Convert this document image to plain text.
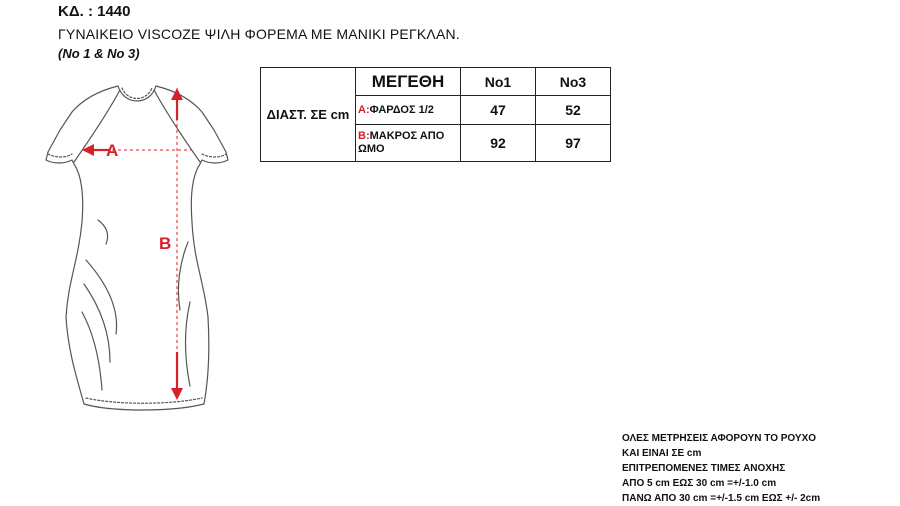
ΚΔ. : 1440
ΓΥΝΑΙΚΕΙΟ VISCOZE ΨΙΛΗ ΦΟΡΕΜΑ ΜΕ ΜΑΝΙΚΙ ΡΕΓΚΛΑΝ.
(No 1 & No 3)
A
B
ΔΙΑΣΤ. ΣΕ cm	ΜΕΓΕΘΗ	No1	No3
	A:ΦΑΡΔΟΣ 1/2	47	52
	B:ΜΑΚΡΟΣ ΑΠΟ ΩΜΟ	92	97
ΟΛΕΣ ΜΕΤΡΗΣΕΙΣ ΑΦΟΡΟΥΝ ΤΟ ΡΟΥΧΟ
ΚΑΙ ΕΙΝΑΙ ΣΕ cm
ΕΠΙΤΡΕΠΟΜΕΝΕΣ ΤΙΜΕΣ ΑΝΟΧΗΣ
ΑΠΟ 5 cm ΕΩΣ 30 cm =+/-1.0 cm
ΠΑΝΩ ΑΠΟ 30 cm =+/-1.5 cm ΕΩΣ +/- 2cm
